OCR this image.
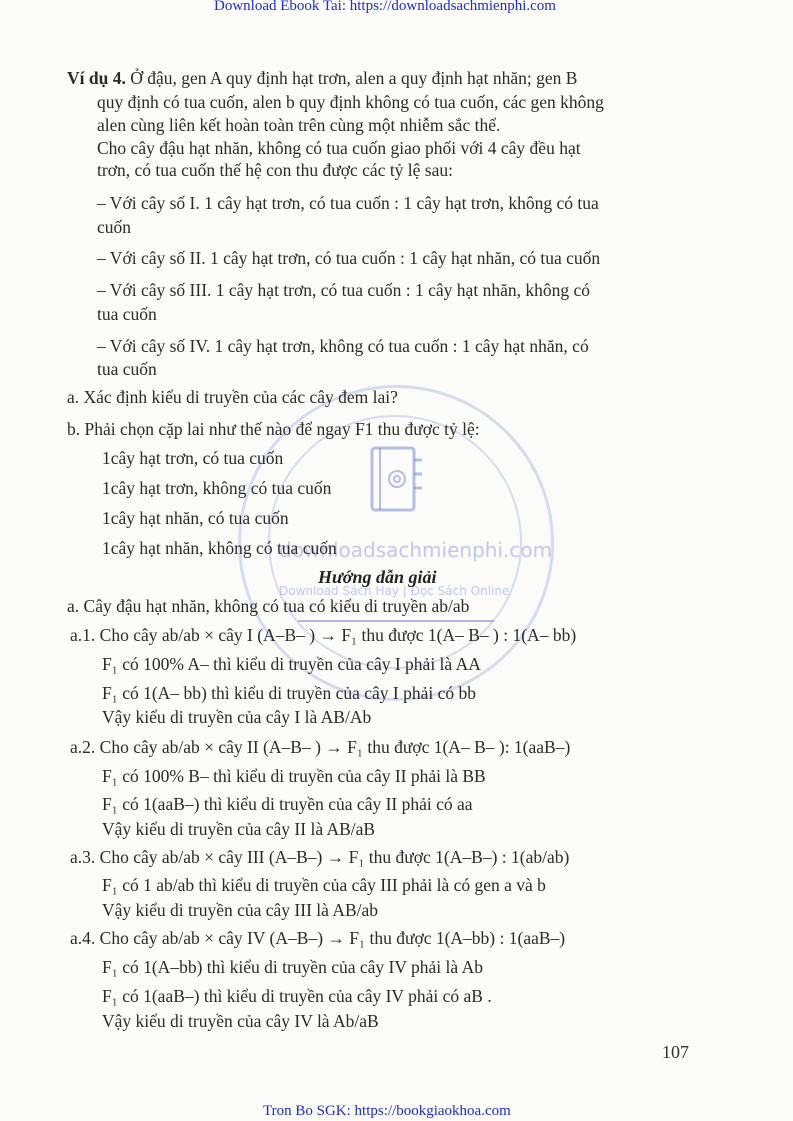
Download Ebook Tai: https://downloadsachmienphi.com
Tron Bo SGK: https://bookgiaokhoa.com
107
downloadsachmienphi.com
Download Sách Hay | Đọc Sách Online
Ví dụ 4. Ở đậu, gen A quy định hạt trơn, alen a quy định hạt nhăn; gen B
quy định có tua cuốn, alen b quy định không có tua cuốn, các gen không
alen cùng liên kết hoàn toàn trên cùng một nhiễm sắc thể.
Cho cây đậu hạt nhăn, không có tua cuốn giao phối với 4 cây đều hạt
trơn, có tua cuốn thế hệ con thu được các tỷ lệ sau:
– Với cây số I. 1 cây hạt trơn, có tua cuốn : 1 cây hạt trơn, không có tua
cuốn
– Với cây số II. 1 cây hạt trơn, có tua cuốn : 1 cây hạt nhăn, có tua cuốn
– Với cây số III. 1 cây hạt trơn, có tua cuốn : 1 cây hạt nhăn, không có
tua cuốn
– Với cây số IV. 1 cây hạt trơn, không có tua cuốn : 1 cây hạt nhăn, có
tua cuốn
a. Xác định kiểu di truyền của các cây đem lai?
b. Phải chọn cặp lai như thế nào để ngay F1 thu được tỷ lệ:
1cây hạt trơn, có tua cuốn
1cây hạt trơn, không có tua cuốn
1cây hạt nhăn, có tua cuốn
1cây hạt nhăn, không có tua cuốn
Hướng dẫn giải
a. Cây đậu hạt nhăn, không có tua có kiểu di truyền ab/ab
a.1. Cho cây ab/ab × cây I (A–B– ) → F₁ thu được 1(A– B– ) : 1(A– bb)
F₁ có 100% A– thì kiểu di truyền của cây I phải là AA
F₁ có 1(A– bb) thì kiểu di truyền của cây I phải có bb
Vậy kiểu di truyền của cây I là AB/Ab
a.2. Cho cây ab/ab × cây II (A–B– ) → F₁ thu được 1(A– B– ): 1(aaB–)
F₁ có 100% B– thì kiểu di truyền của cây II phải là BB
F₁ có 1(aaB–) thì kiểu di truyền của cây II phải có aa
Vậy kiểu di truyền của cây II là AB/aB
a.3. Cho cây ab/ab × cây III (A–B–) → F₁ thu được 1(A–B–) : 1(ab/ab)
F₁ có 1 ab/ab thì kiểu di truyền của cây III phải là có gen a và b
Vậy kiểu di truyền của cây III là AB/ab
a.4. Cho cây ab/ab × cây IV (A–B–) → F₁ thu được 1(A–bb) : 1(aaB–)
F₁ có 1(A–bb) thì kiểu di truyền của cây IV phải là Ab
F₁ có 1(aaB–) thì kiểu di truyền của cây IV phải có aB .
Vậy kiểu di truyền của cây IV là Ab/aB
